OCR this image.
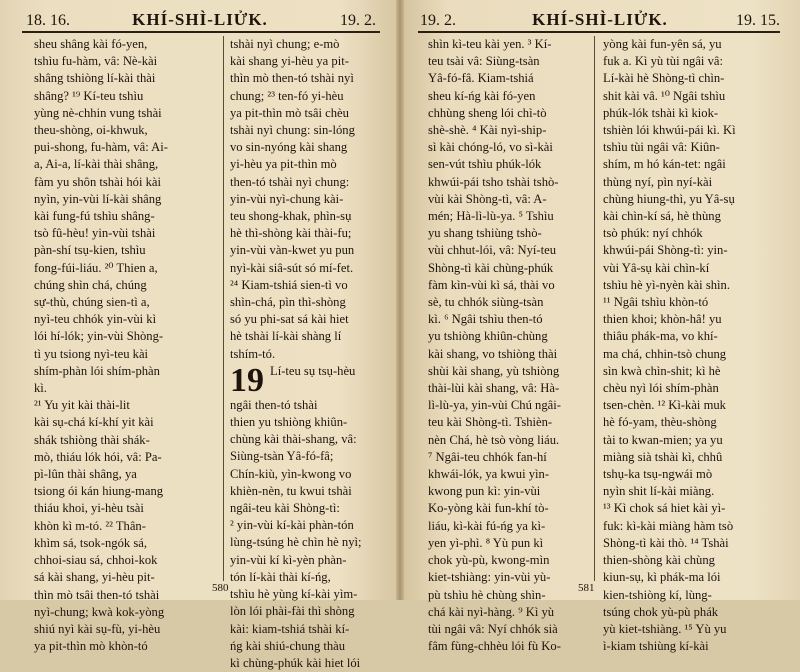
18. 16.	KHÍ-SHÌ-LIỬK.	19. 2.
sheu shâng kài fó-yen,
tshìu fu-hàm, vâ: Nè-kài
shâng tshiòng lí-kài thài
shâng? ¹⁹ Kí-teu tshìu
yùng nè-chhin vung tshài
theu-shòng, oi-khwuk,
pui-shong, fu-hàm, vâ: Ai-
a, Ai-a, lí-kài thài shâng,
fàm yu shôn tshài hói kài
nyìn, yin-vùi lí-kài shâng
kài fung-fú tshìu shâng-
tsò fû-hèu! yin-vùi tshài
pàn-shí tsụ-kien, tshìu
fong-fúi-liáu. ²⁰ Thien a,
chúng shìn chá, chúng
sự-thù, chúng sien-tì a,
nyì-teu chhók yin-vùi kì
lói hí-lók; yin-vùi Shòng-
tì yu tsiong nyì-teu kài
shím-phàn lói shím-phàn
kì.
²¹ Yu yit kài thài-lit
kài sụ-chá kí-khí yit kài
shák tshiòng thài shák-
mò, thiáu lók hói, vâ: Pa-
pì-lûn thài shâng, ya
tsiong ói kán hiung-mang
thiáu khoi, yi-hèu tsài
khòn kì m-tó. ²² Thân-
khìm sá, tsok-ngók sá,
chhoi-siau sá, chhoi-kok
sá kài shang, yi-hèu pit-
thìn mò tsâi then-tó tshài
nyì-chung; kwà kok-yòng
shiú nyì kài sụ-fù, yi-hèu
ya pit-thìn mò khòn-tó
tshài nyì chung; e-mò
kài shang yi-hèu ya pit-
thìn mò then-tó tshài nyì
chung; ²³ ten-fó yi-hèu
ya pit-thìn mò tsâi chèu
tshài nyì chung: sin-lóng
vo sin-nyóng kài shang
yi-hèu ya pit-thìn mò
then-tó tshài nyì chung:
yin-vùi nyì-chung kài-
teu shong-khak, phìn-sụ
hè thì-shòng kài thài-fu;
yin-vùi vàn-kwet yu pun
nyì-kài siâ-sút só mí-fet.
²⁴ Kiam-tshiá sien-tì vo
shìn-chá, pìn thì-shòng
só yu phi-sat sá kài hiet
hè tshài lí-kài shàng lí
tshím-tó.
19 Lí-teu sụ tsụ-hèu
ngâi then-tó tshài
thien yu tshiòng khiûn-
chùng kài thài-shang, vâ:
Siùng-tsàn Yâ-fó-fâ;
Chín-kiù, yìn-kwong vo
khièn-nèn, tu kwui tshài
ngâi-teu kài Shòng-tì:
² yin-vùi kí-kài phàn-tón
lùng-tsúng hè chìn hè nyì;
yin-vùi kí kì-yèn phàn-
tón lí-kài thài kí-ńg,
tshìu hè yùng kí-kài yìm-
lòn lói phài-fài thì shòng
kài: kiam-tshiá tshài kí-
ńg kài shiú-chung thàu
kì chùng-phúk kài hiet lói
580
19. 2.	KHÍ-SHÌ-LIỬK.	19. 15.
shìn kì-teu kài yen. ³ Kí-
teu tsài vâ: Siùng-tsàn
Yâ-fó-fâ. Kiam-tshiá
sheu kí-ńg kài fó-yen
chhùng sheng lói chì-tò
shè-shè. ⁴ Kài nyì-ship-
sì kài chóng-ló, vo sì-kài
sen-vút tshìu phúk-lók
khwúi-pái tsho tshài tshò-
vùi kài Shòng-tì, vâ: A-
mén; Hà-lì-lù-ya. ⁵ Tshìu
yu shang tshiùng tshò-
vùi chhut-lói, vâ: Nyí-teu
Shòng-tì kài chùng-phúk
fàm kìn-vùi kì sá, thài vo
sè, tu chhók siùng-tsàn
kì. ⁶ Ngâi tshìu then-tó
yu tshiòng khiûn-chùng
kài shang, vo tshiòng thài
shùi kài shang, yù tshiòng
thài-lùi kài shang, vâ: Hà-
lì-lù-ya, yin-vùi Chú ngâi-
teu kài Shòng-tì. Tshièn-
nèn Chá, hè tsò vòng liáu.
⁷ Ngâi-teu chhók fan-hí
khwái-lók, ya kwui yìn-
kwong pun kì: yin-vùi
Ko-yòng kài fun-khí tò-
liáu, kì-kài fú-ńg ya kì-
yen yì-phì. ⁸ Yù pun kì
chok yù-pù, kwong-mìn
kiet-tshiàng: yin-vùi yù-
pù tshìu hè chùng shìn-
chá kài nyì-hàng. ⁹ Kì yù
tùi ngâi vâ: Nyí chhók sià
fâm fùng-chhèu lói fù Ko-
yòng kài fun-yên sá, yu
fuk a. Kì yù tùi ngâi vâ:
Lí-kài hè Shòng-tì chìn-
shit kài vâ. ¹⁰ Ngâi tshìu
phúk-lók tshài kì kiok-
tshièn lói khwúi-pái kì. Kì
tshìu tùi ngâi vâ: Kiûn-
shím, m hó kán-tet: ngâi
thùng nyí, pìn nyí-kài
chùng hiung-thì, yu Yâ-sụ
kài chìn-kí sá, hè thùng
tsò phúk: nyí chhók
khwúi-pái Shòng-tì: yin-
vùi Yâ-sụ kài chìn-kí
tshìu hè yì-nyèn kài shìn.
¹¹ Ngâi tshìu khòn-tó
thien khoi; khòn-hâ! yu
thiâu phák-ma, vo khí-
ma chá, chhin-tsò chung
sìn kwà chìn-shit; kì hè
chèu nyì lói shím-phàn
tsen-chèn. ¹² Kì-kài muk
hè fó-yam, thèu-shòng
tài to kwan-mien; ya yu
miàng sià tshài kì, chhû
tshụ-ka tsụ-ngwái mò
nyìn shit lí-kài miàng.
¹³ Kì chok sá hiet kài yì-
fuk: kì-kài miàng hàm tsò
Shòng-tì kài thò. ¹⁴ Tshài
thien-shòng kài chùng
kiun-sụ, kì phák-ma lói
kien-tshiòng kí, lùng-
tsúng chok yù-pù phák
yù kiet-tshiàng. ¹⁵ Yù yu
ì-kiam tshiùng kí-kài
581
